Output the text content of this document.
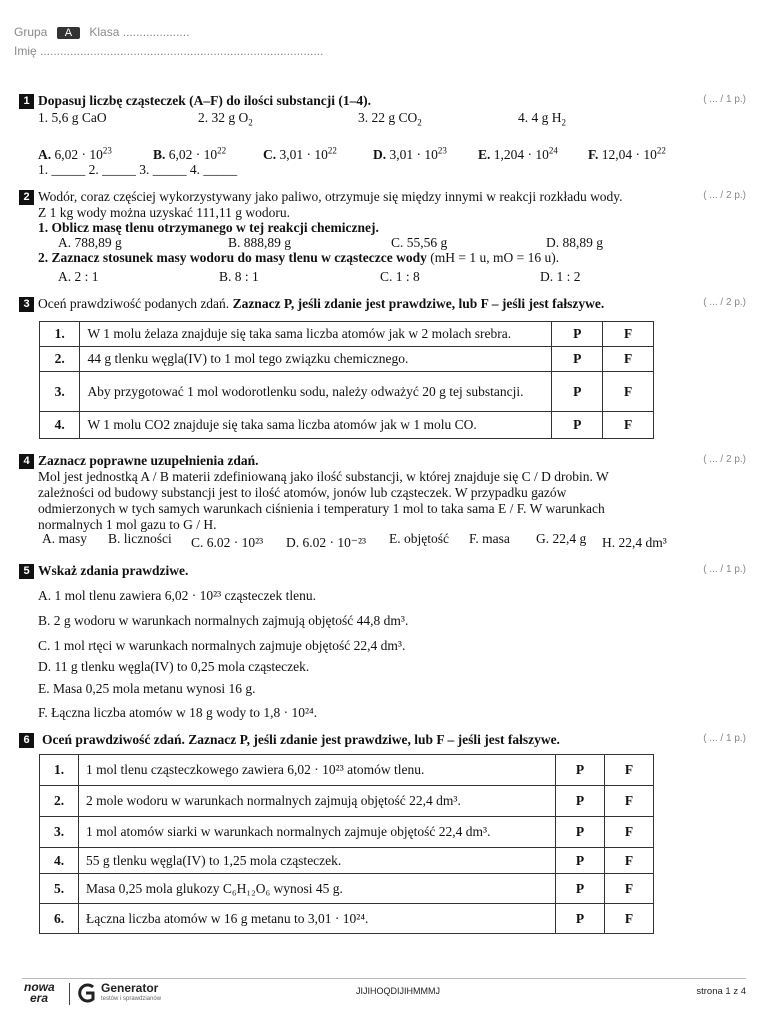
Grupa A Klasa ....................
Imię .....................................................................................
1 Dopasuj liczbę cząsteczek (A–F) do ilości substancji (1–4).	( ... / 1 p.)
1. 5,6 g CaO	2. 32 g $O_2$	3. 22 g $CO_2$	4. 4 g $H_2$
A. $6,02 \cdot 10^{23}$	B. $6,02 \cdot 10^{22}$	C. $3,01 \cdot 10^{22}$	D. $3,01 \cdot 10^{23}$ E. $1,204 \cdot 10^{24}$ F. $12,04 \cdot 10^{22}$
1. _____ 2. _____ 3. _____ 4. _____
2 Wodór, coraz częściej wykorzystywany jako paliwo, otrzymuje się między innymi w reakcji rozkładu wody.	( ... / 2 p.)
Z 1 kg wody można uzyskać 111,11 g wodoru.
1. Oblicz masę tlenu otrzymanego w tej reakcji chemicznej.
A. 788,89 g	B. 888,89 g	C. 55,56 g	D. 88,89 g
2. Zaznacz stosunek masy wodoru do masy tlenu w cząsteczce wody (mH = 1 u, mO = 16 u).
A. 2 : 1	B. 8 : 1	C. 1 : 8	D. 1 : 2
3 Oceń prawdziwość podanych zdań. Zaznacz P, jeśli zdanie jest prawdziwe, lub F – jeśli jest fałszywe.	( ... / 2 p.)
1.	W 1 molu żelaza znajduje się taka sama liczba atomów jak w 2 molach srebra.	P	F
2.	44 g tlenku węgla(IV) to 1 mol tego związku chemicznego.	P	F
3.	Aby przygotować 1 mol wodorotlenku sodu, należy odważyć 20 g tej substancji.	P	F
4.	W 1 molu CO2 znajduje się taka sama liczba atomów jak w 1 molu CO.	P	F
4 Zaznacz poprawne uzupełnienia zdań.	( ... / 2 p.)
Mol jest jednostką A / B materii zdefiniowaną jako ilość substancji, w której znajduje się C / D drobin. W
zależności od budowy substancji jest to ilość atomów, jonów lub cząsteczek. W przypadku gazów
odmierzonych w tych samych warunkach ciśnienia i temperatury 1 mol to taka sama E / F. W warunkach
normalnych 1 mol gazu to G / H.
A. masy B. liczności C. 6.02 · 10²³ D. 6.02 · 10⁻²³ E. objętość F. masa G. 22,4 g H. 22,4 dm³
5 Wskaż zdania prawdziwe.	( ... / 1 p.)
A. 1 mol tlenu zawiera 6,02 · 10²³ cząsteczek tlenu.
B. 2 g wodoru w warunkach normalnych zajmują objętość 44,8 dm³.
C. 1 mol rtęci w warunkach normalnych zajmuje objętość 22,4 dm³.
D. 11 g tlenku węgla(IV) to 0,25 mola cząsteczek.
E. Masa 0,25 mola metanu wynosi 16 g.
F. Łączna liczba atomów w 18 g wody to 1,8 · 10²⁴.
6 Oceń prawdziwość zdań. Zaznacz P, jeśli zdanie jest prawdziwe, lub F – jeśli jest fałszywe.	( ... / 1 p.)
1.	1 mol tlenu cząsteczkowego zawiera 6,02 · 10²³ atomów tlenu.	P	F
2.	2 mole wodoru w warunkach normalnych zajmują objętość 22,4 dm³.	P	F
3.	1 mol atomów siarki w warunkach normalnych zajmuje objętość 22,4 dm³.	P	F
4.	55 g tlenku węgla(IV) to 1,25 mola cząsteczek.	P	F
5.	Masa 0,25 mola glukozy C₆H₁₂O₆ wynosi 45 g.	P	F
6.	Łączna liczba atomów w 16 g metanu to 3,01 · 10²⁴.	P	F
nowa
era
Generator
testów i sprawdzianów
JIJIHOQDIJIHMMMJ	strona 1 z 4
